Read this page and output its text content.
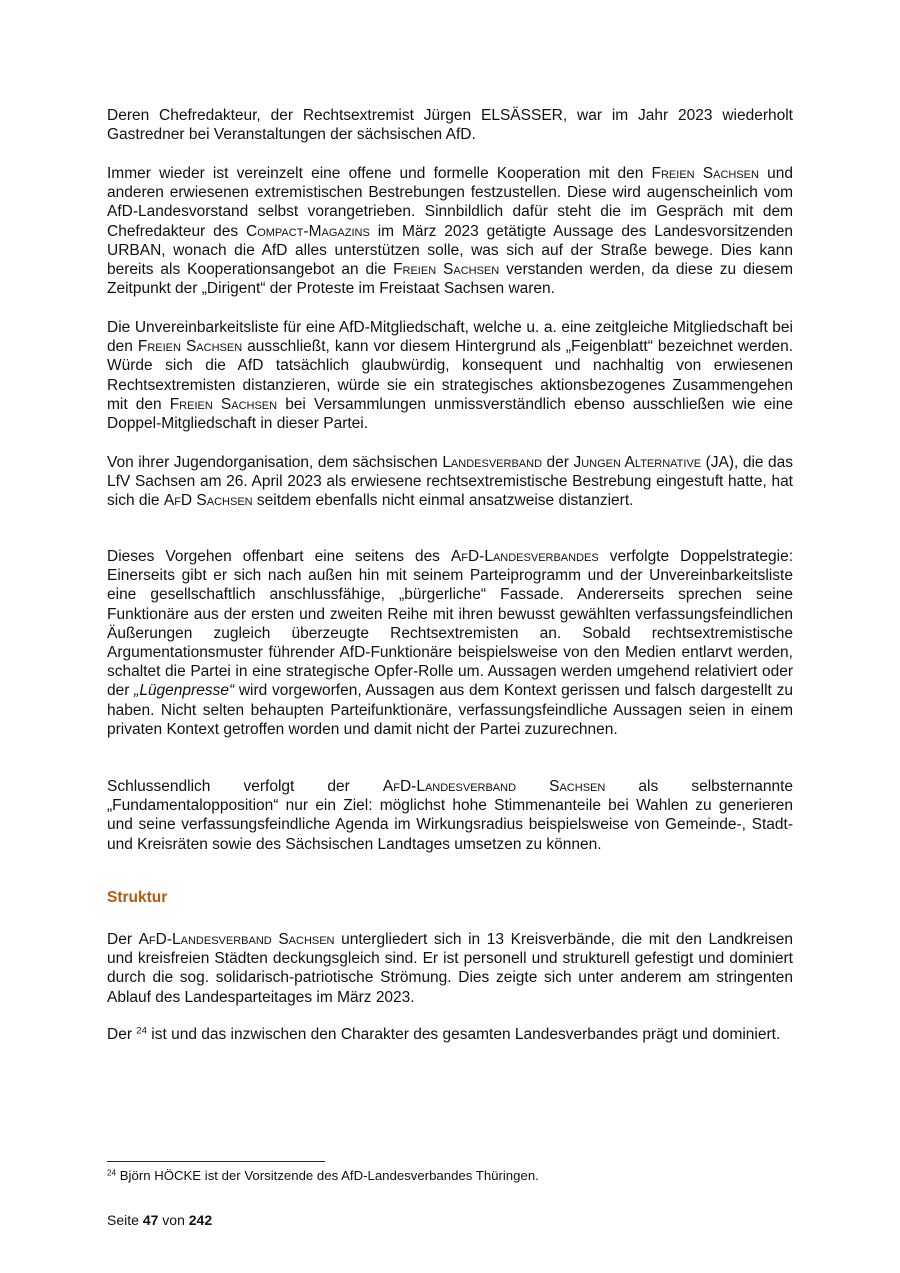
Deren Chefredakteur, der Rechtsextremist Jürgen ELSÄSSER, war im Jahr 2023 wiederholt Gastredner bei Veranstaltungen der sächsischen AfD.

Immer wieder ist vereinzelt eine offene und formelle Kooperation mit den Freien Sachsen und anderen erwiesenen extremistischen Bestrebungen festzustellen. Diese wird augenscheinlich vom AfD-Landesvorstand selbst vorangetrieben. Sinnbildlich dafür steht die im Gespräch mit dem Chefredakteur des Compact-Magazins im März 2023 getätigte Aussage des Landesvorsitzenden URBAN, wonach die AfD alles unterstützen solle, was sich auf der Straße bewege. Dies kann bereits als Kooperationsangebot an die Freien Sachsen verstanden werden, da diese zu diesem Zeitpunkt der „Dirigent“ der Proteste im Freistaat Sachsen waren.

Die Unvereinbarkeitsliste für eine AfD-Mitgliedschaft, welche u. a. eine zeitgleiche Mitgliedschaft bei den Freien Sachsen ausschließt, kann vor diesem Hintergrund als „Feigenblatt“ bezeichnet werden. Würde sich die AfD tatsächlich glaubwürdig, konsequent und nachhaltig von erwiesenen Rechtsextremisten distanzieren, würde sie ein strategisches aktionsbezogenes Zusammengehen mit den Freien Sachsen bei Versammlungen unmissverständlich ebenso ausschließen wie eine Doppel-Mitgliedschaft in dieser Partei.

Von ihrer Jugendorganisation, dem sächsischen Landesverband der Jungen Alternative (JA), die das LfV Sachsen am 26. April 2023 als erwiesene rechtsextremistische Bestrebung eingestuft hatte, hat sich die AfD Sachsen seitdem ebenfalls nicht einmal ansatzweise distanziert.

Dieses Vorgehen offenbart eine seitens des AfD-Landesverbandes verfolgte Doppelstrategie: Einerseits gibt er sich nach außen hin mit seinem Parteiprogramm und der Unvereinbarkeitsliste eine gesellschaftlich anschlussfähige, „bürgerliche“ Fassade. Andererseits sprechen seine Funktionäre aus der ersten und zweiten Reihe mit ihren bewusst gewählten verfassungsfeindlichen Äußerungen zugleich überzeugte Rechtsextremisten an. Sobald rechtsextremistische Argumentationsmuster führender AfD-Funktionäre beispielsweise von den Medien entlarvt werden, schaltet die Partei in eine strategische Opfer-Rolle um. Aussagen werden umgehend relativiert oder der „Lügenpresse“ wird vorgeworfen, Aussagen aus dem Kontext gerissen und falsch dargestellt zu haben. Nicht selten behaupten Parteifunktionäre, verfassungsfeindliche Aussagen seien in einem privaten Kontext getroffen worden und damit nicht der Partei zuzurechnen.

Schlussendlich verfolgt der AfD-Landesverband Sachsen als selbsternannte „Fundamentalopposition“ nur ein Ziel: möglichst hohe Stimmenanteile bei Wahlen zu generieren und seine verfassungsfeindliche Agenda im Wirkungsradius beispielsweise von Gemeinde-, Stadt- und Kreisräten sowie des Sächsischen Landtages umsetzen zu können.

Struktur

Der AfD-Landesverband Sachsen untergliedert sich in 13 Kreisverbände, die mit den Landkreisen und kreisfreien Städten deckungsgleich sind. Er ist personell und strukturell gefestigt und dominiert durch die sog. solidarisch-patriotische Strömung. Dies zeigte sich unter anderem am stringenten Ablauf des Landesparteitages im März 2023.

Der $^{24}$ ist und das inzwischen den Charakter des gesamten Landesverbandes prägt und dominiert.

$^{24}$ Björn HÖCKE ist der Vorsitzende des AfD-Landesverbandes Thüringen.
Seite 47 von 242
